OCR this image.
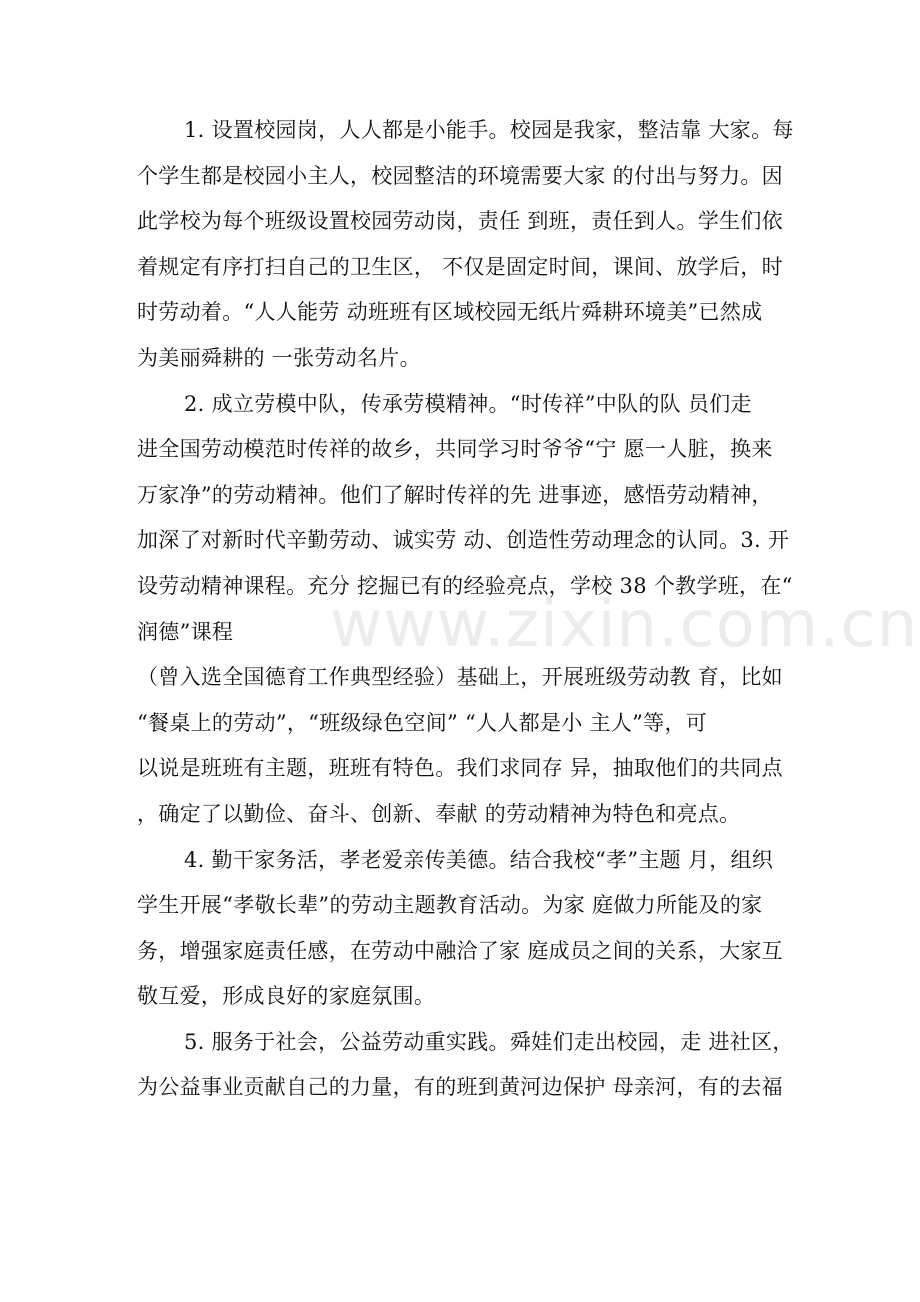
1. 设置校园岗，人人都是小能手。校园是我家，整洁靠 大家。每
个学生都是校园小主人，校园整洁的环境需要大家 的付出与努力。因
此学校为每个班级设置校园劳动岗，责任 到班，责任到人。学生们依
着规定有序打扫自己的卫生区， 不仅是固定时间，课间、放学后，时
时劳动着。“人人能劳 动班班有区域校园无纸片舜耕环境美”已然成
为美丽舜耕的 一张劳动名片。
2. 成立劳模中队，传承劳模精神。“时传祥”中队的队 员们走
进全国劳动模范时传祥的故乡，共同学习时爷爷“宁 愿一人脏，换来
万家净”的劳动精神。他们了解时传祥的先 进事迹，感悟劳动精神，
加深了对新时代辛勤劳动、诚实劳 动、创造性劳动理念的认同。3. 开
设劳动精神课程。充分 挖掘已有的经验亮点，学校 38 个教学班，在“
润德”课程
（曾入选全国德育工作典型经验）基础上，开展班级劳动教 育，比如
“餐桌上的劳动”，“班级绿色空间” “人人都是小 主人”等，可
以说是班班有主题，班班有特色。我们求同存 异，抽取他们的共同点
，确定了以勤俭、奋斗、创新、奉献 的劳动精神为特色和亮点。
4. 勤干家务活，孝老爱亲传美德。结合我校“孝”主题 月，组织
学生开展“孝敬长辈”的劳动主题教育活动。为家 庭做力所能及的家
务，增强家庭责任感，在劳动中融洽了家 庭成员之间的关系，大家互
敬互爱，形成良好的家庭氛围。
5. 服务于社会，公益劳动重实践。舜娃们走出校园，走 进社区，
为公益事业贡献自己的力量，有的班到黄河边保护 母亲河，有的去福
www.zixin.com.cn
